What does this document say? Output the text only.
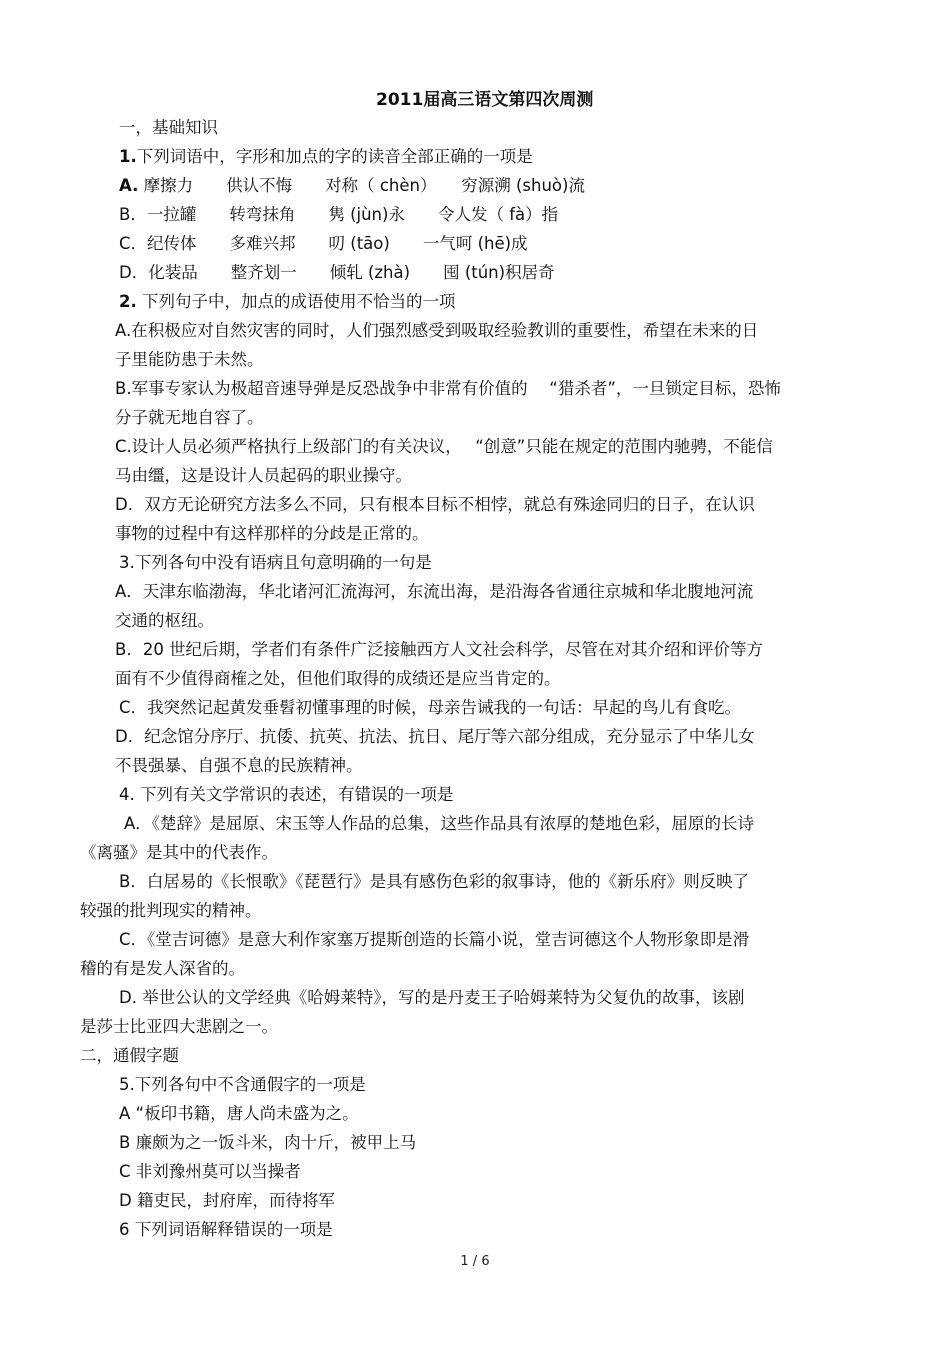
2011届高三语文第四次周测
一，基础知识
1.下列词语中，字形和加点的字的读音全部正确的一项是
A. 摩擦力　　供认不悔　　对称（ chèn）　　穷源溯 (shuò)流
B．一拉罐　　转弯抹角　　隽 (jùn)永　　令人发（ fà）指
C．纪传体　　多难兴邦　　叨 (tāo)　　一气呵 (hē)成
D．化装品　　整齐划一　　倾轧 (zhà)　　囤 (tún)积居奇
2. 下列句子中，加点的成语使用不恰当的一项
A.在积极应对自然灾害的同时，人们强烈感受到吸取经验教训的重要性，希望在未来的日
子里能防患于未然。
B.军事专家认为极超音速导弹是反恐战争中非常有价值的　 “猎杀者”，一旦锁定目标，恐怖
分子就无地自容了。
C.设计人员必须严格执行上级部门的有关决议，　 “创意”只能在规定的范围内驰骋，不能信
马由缰，这是设计人员起码的职业操守。
D．双方无论研究方法多么不同，只有根本目标不相悖，就总有殊途同归的日子，在认识
事物的过程中有这样那样的分歧是正常的。
3.下列各句中没有语病且句意明确的一句是
A．天津东临渤海，华北诸河汇流海河，东流出海，是沿海各省通往京城和华北腹地河流
交通的枢纽。
B．20 世纪后期，学者们有条件广泛接触西方人文社会科学，尽管在对其介绍和评价等方
面有不少值得商榷之处，但他们取得的成绩还是应当肯定的。
C．我突然记起黄发垂髫初懂事理的时候，母亲告诫我的一句话：早起的鸟儿有食吃。
D．纪念馆分序厅、抗倭、抗英、抗法、抗日、尾厅等六部分组成，充分显示了中华儿女
不畏强暴、自强不息的民族精神。
4. 下列有关文学常识的表述，有错误的一项是
A．《楚辞》是屈原、宋玉等人作品的总集，这些作品具有浓厚的楚地色彩，屈原的长诗
《离骚》是其中的代表作。
B．白居易的《长恨歌》《琵琶行》是具有感伤色彩的叙事诗，他的《新乐府》则反映了
较强的批判现实的精神。
C．《堂吉诃德》是意大利作家塞万提斯创造的长篇小说，堂吉诃德这个人物形象即是滑
稽的有是发人深省的。
D. 举世公认的文学经典《哈姆莱特》，写的是丹麦王子哈姆莱特为父复仇的故事，该剧
是莎士比亚四大悲剧之一。
二，通假字题
5.下列各句中不含通假字的一项是
A “板印书籍，唐人尚未盛为之。
B 廉颇为之一饭斗米，肉十斤，被甲上马
C 非刘豫州莫可以当操者
D 籍吏民，封府库，而待将军
6 下列词语解释错误的一项是
1 / 6
